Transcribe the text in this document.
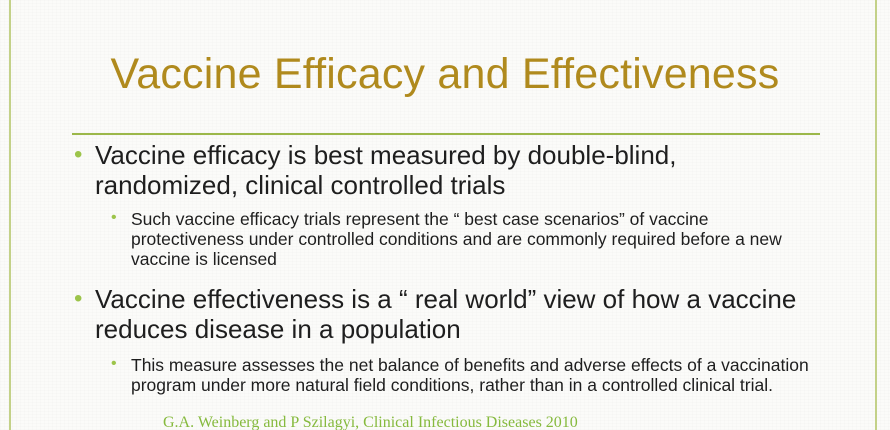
Vaccine Efficacy and Effectiveness
• Vaccine efficacy is best measured by double-blind, randomized, clinical controlled trials
• Such vaccine efficacy trials represent the “ best case scenarios” of vaccine protectiveness under controlled conditions and are commonly required before a new vaccine is licensed
• Vaccine effectiveness is a “ real world” view of how a vaccine reduces disease in a population
• This measure assesses the net balance of benefits and adverse effects of a vaccination program under more natural field conditions, rather than in a controlled clinical trial.
G.A. Weinberg and P Szilagyi, Clinical Infectious Diseases 2010
